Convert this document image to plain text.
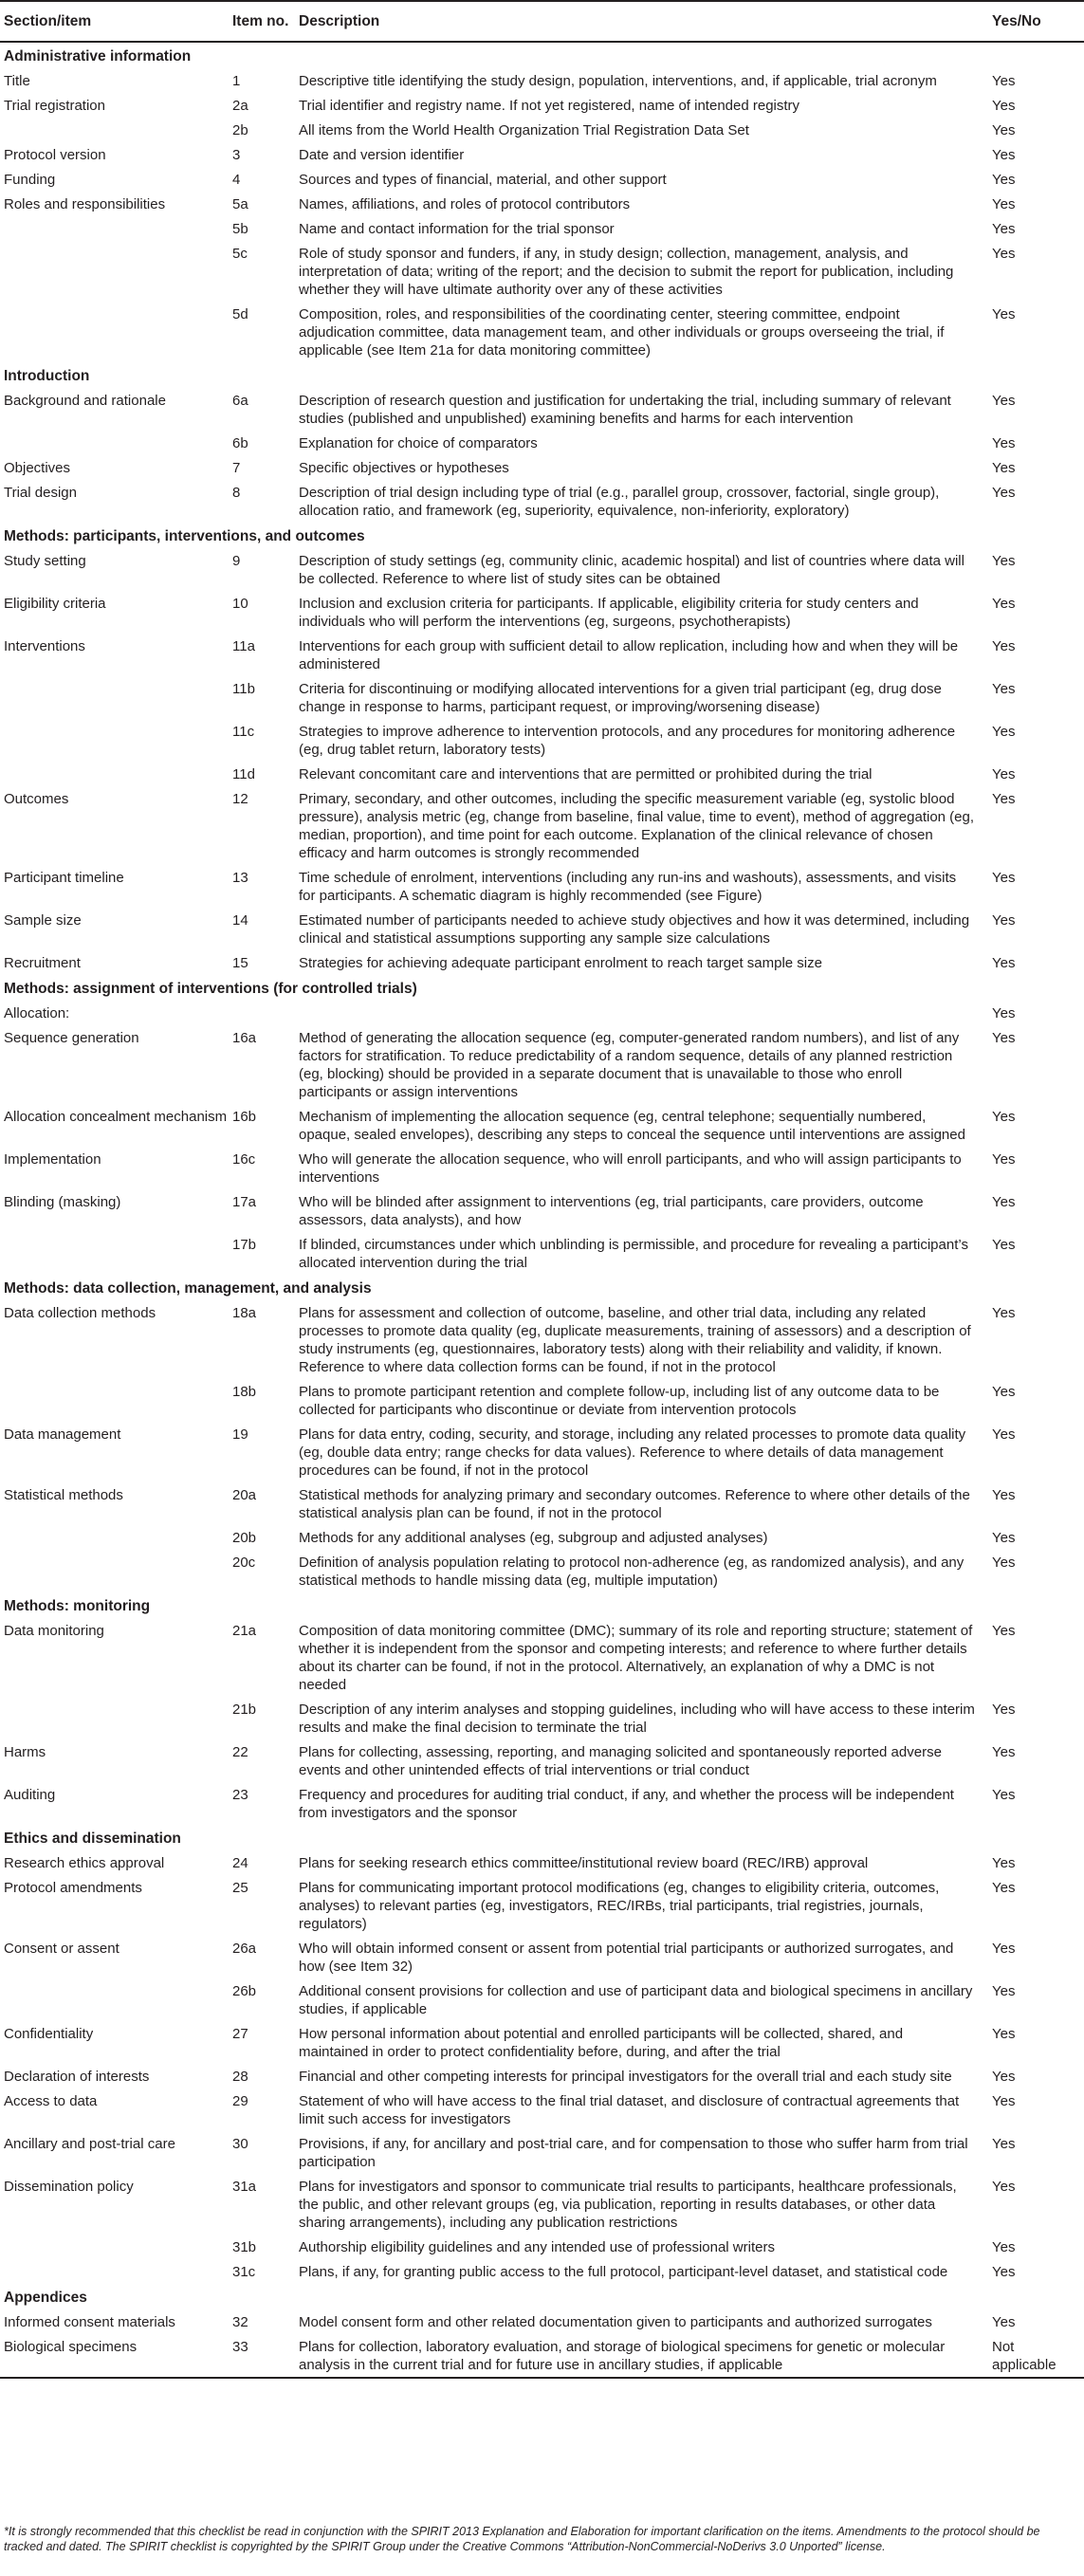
Section/item	Item no.	Description	Yes/No
Administrative information			
Title	1	Descriptive title identifying the study design, population, interventions, and, if applicable, trial acronym	Yes
Trial registration	2a	Trial identifier and registry name. If not yet registered, name of intended registry	Yes
	2b	All items from the World Health Organization Trial Registration Data Set	Yes
Protocol version	3	Date and version identifier	Yes
Funding	4	Sources and types of financial, material, and other support	Yes
Roles and responsibilities	5a	Names, affiliations, and roles of protocol contributors	Yes
	5b	Name and contact information for the trial sponsor	Yes
	5c	Role of study sponsor and funders, if any, in study design; collection, management, analysis, and interpretation of data; writing of the report; and the decision to submit the report for publication, including whether they will have ultimate authority over any of these activities	Yes
	5d	Composition, roles, and responsibilities of the coordinating center, steering committee, endpoint adjudication committee, data management team, and other individuals or groups overseeing the trial, if applicable (see Item 21a for data monitoring committee)	Yes
Introduction			
Background and rationale	6a	Description of research question and justification for undertaking the trial, including summary of relevant studies (published and unpublished) examining benefits and harms for each intervention	Yes
	6b	Explanation for choice of comparators	Yes
Objectives	7	Specific objectives or hypotheses	Yes
Trial design	8	Description of trial design including type of trial (e.g., parallel group, crossover, factorial, single group), allocation ratio, and framework (eg, superiority, equivalence, non-inferiority, exploratory)	Yes
Methods: participants, interventions, and outcomes			
Study setting	9	Description of study settings (eg, community clinic, academic hospital) and list of countries where data will be collected. Reference to where list of study sites can be obtained	Yes
Eligibility criteria	10	Inclusion and exclusion criteria for participants. If applicable, eligibility criteria for study centers and individuals who will perform the interventions (eg, surgeons, psychotherapists)	Yes
Interventions	11a	Interventions for each group with sufficient detail to allow replication, including how and when they will be administered	Yes
	11b	Criteria for discontinuing or modifying allocated interventions for a given trial participant (eg, drug dose change in response to harms, participant request, or improving/worsening disease)	Yes
	11c	Strategies to improve adherence to intervention protocols, and any procedures for monitoring adherence (eg, drug tablet return, laboratory tests)	Yes
	11d	Relevant concomitant care and interventions that are permitted or prohibited during the trial	Yes
Outcomes	12	Primary, secondary, and other outcomes, including the specific measurement variable (eg, systolic blood pressure), analysis metric (eg, change from baseline, final value, time to event), method of aggregation (eg, median, proportion), and time point for each outcome. Explanation of the clinical relevance of chosen efficacy and harm outcomes is strongly recommended	Yes
Participant timeline	13	Time schedule of enrolment, interventions (including any run-ins and washouts), assessments, and visits for participants. A schematic diagram is highly recommended (see Figure)	Yes
Sample size	14	Estimated number of participants needed to achieve study objectives and how it was determined, including clinical and statistical assumptions supporting any sample size calculations	Yes
Recruitment	15	Strategies for achieving adequate participant enrolment to reach target sample size	Yes
Methods: assignment of interventions (for controlled trials)			
Allocation:			Yes
Sequence generation	16a	Method of generating the allocation sequence (eg, computer-generated random numbers), and list of any factors for stratification. To reduce predictability of a random sequence, details of any planned restriction (eg, blocking) should be provided in a separate document that is unavailable to those who enroll participants or assign interventions	Yes
Allocation concealment mechanism	16b	Mechanism of implementing the allocation sequence (eg, central telephone; sequentially numbered, opaque, sealed envelopes), describing any steps to conceal the sequence until interventions are assigned	Yes
Implementation	16c	Who will generate the allocation sequence, who will enroll participants, and who will assign participants to interventions	Yes
Blinding (masking)	17a	Who will be blinded after assignment to interventions (eg, trial participants, care providers, outcome assessors, data analysts), and how	Yes
	17b	If blinded, circumstances under which unblinding is permissible, and procedure for revealing a participant’s allocated intervention during the trial	Yes
Methods: data collection, management, and analysis			
Data collection methods	18a	Plans for assessment and collection of outcome, baseline, and other trial data, including any related processes to promote data quality (eg, duplicate measurements, training of assessors) and a description of study instruments (eg, questionnaires, laboratory tests) along with their reliability and validity, if known. Reference to where data collection forms can be found, if not in the protocol	Yes
	18b	Plans to promote participant retention and complete follow-up, including list of any outcome data to be collected for participants who discontinue or deviate from intervention protocols	Yes
Data management	19	Plans for data entry, coding, security, and storage, including any related processes to promote data quality (eg, double data entry; range checks for data values). Reference to where details of data management procedures can be found, if not in the protocol	Yes
Statistical methods	20a	Statistical methods for analyzing primary and secondary outcomes. Reference to where other details of the statistical analysis plan can be found, if not in the protocol	Yes
	20b	Methods for any additional analyses (eg, subgroup and adjusted analyses)	Yes
	20c	Definition of analysis population relating to protocol non-adherence (eg, as randomized analysis), and any statistical methods to handle missing data (eg, multiple imputation)	Yes
Methods: monitoring			
Data monitoring	21a	Composition of data monitoring committee (DMC); summary of its role and reporting structure; statement of whether it is independent from the sponsor and competing interests; and reference to where further details about its charter can be found, if not in the protocol. Alternatively, an explanation of why a DMC is not needed	Yes
	21b	Description of any interim analyses and stopping guidelines, including who will have access to these interim results and make the final decision to terminate the trial	Yes
Harms	22	Plans for collecting, assessing, reporting, and managing solicited and spontaneously reported adverse events and other unintended effects of trial interventions or trial conduct	Yes
Auditing	23	Frequency and procedures for auditing trial conduct, if any, and whether the process will be independent from investigators and the sponsor	Yes
Ethics and dissemination			
Research ethics approval	24	Plans for seeking research ethics committee/institutional review board (REC/IRB) approval	Yes
Protocol amendments	25	Plans for communicating important protocol modifications (eg, changes to eligibility criteria, outcomes, analyses) to relevant parties (eg, investigators, REC/IRBs, trial participants, trial registries, journals, regulators)	Yes
Consent or assent	26a	Who will obtain informed consent or assent from potential trial participants or authorized surrogates, and how (see Item 32)	Yes
	26b	Additional consent provisions for collection and use of participant data and biological specimens in ancillary studies, if applicable	Yes
Confidentiality	27	How personal information about potential and enrolled participants will be collected, shared, and maintained in order to protect confidentiality before, during, and after the trial	Yes
Declaration of interests	28	Financial and other competing interests for principal investigators for the overall trial and each study site	Yes
Access to data	29	Statement of who will have access to the final trial dataset, and disclosure of contractual agreements that limit such access for investigators	Yes
Ancillary and post-trial care	30	Provisions, if any, for ancillary and post-trial care, and for compensation to those who suffer harm from trial participation	Yes
Dissemination policy	31a	Plans for investigators and sponsor to communicate trial results to participants, healthcare professionals, the public, and other relevant groups (eg, via publication, reporting in results databases, or other data sharing arrangements), including any publication restrictions	Yes
	31b	Authorship eligibility guidelines and any intended use of professional writers	Yes
	31c	Plans, if any, for granting public access to the full protocol, participant-level dataset, and statistical code	Yes
Appendices			
Informed consent materials	32	Model consent form and other related documentation given to participants and authorized surrogates	Yes
Biological specimens	33	Plans for collection, laboratory evaluation, and storage of biological specimens for genetic or molecular analysis in the current trial and for future use in ancillary studies, if applicable	Not applicable
*It is strongly recommended that this checklist be read in conjunction with the SPIRIT 2013 Explanation and Elaboration for important clarification on the items. Amendments to the protocol should be tracked and dated. The SPIRIT checklist is copyrighted by the SPIRIT Group under the Creative Commons “Attribution-NonCommercial-NoDerivs 3.0 Unported” license.
